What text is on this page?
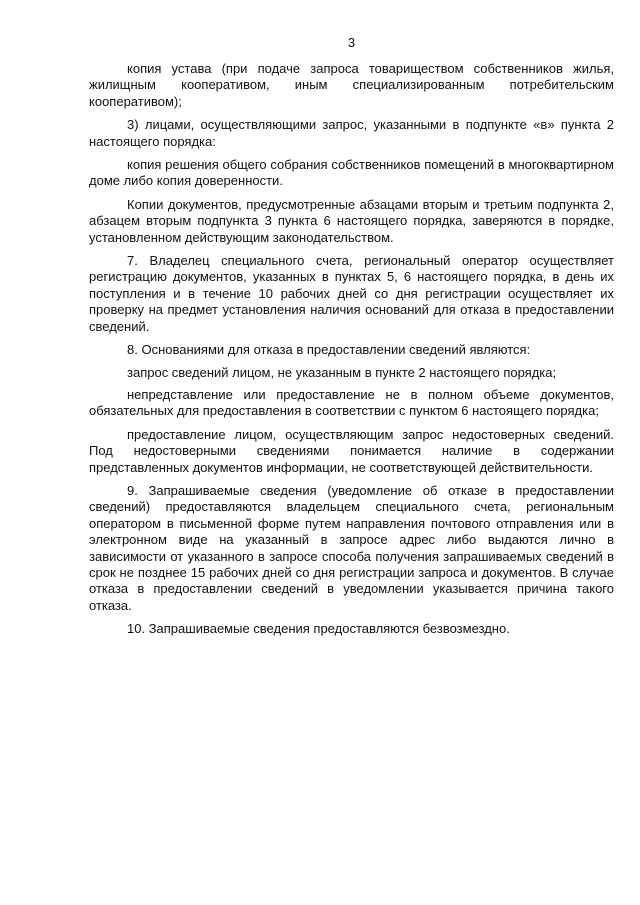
3

копия устава (при подаче запроса товариществом собственников жилья, жилищным кооперативом, иным специализированным потребительским кооперативом);

3) лицами, осуществляющими запрос, указанными в подпункте «в» пункта 2 настоящего порядка:

копия решения общего собрания собственников помещений в многоквартирном доме либо копия доверенности.

Копии документов, предусмотренные абзацами вторым и третьим подпункта 2, абзацем вторым подпункта 3 пункта 6 настоящего порядка, заверяются в порядке, установленном действующим законодательством.

7. Владелец специального счета, региональный оператор осуществляет регистрацию документов, указанных в пунктах 5, 6 настоящего порядка, в день их поступления и в течение 10 рабочих дней со дня регистрации осуществляет их проверку на предмет установления наличия оснований для отказа в предоставлении сведений.

8. Основаниями для отказа в предоставлении сведений являются:

запрос сведений лицом, не указанным в пункте 2 настоящего порядка;

непредставление или предоставление не в полном объеме документов, обязательных для предоставления в соответствии с пунктом 6 настоящего порядка;

предоставление лицом, осуществляющим запрос недостоверных сведений. Под недостоверными сведениями понимается наличие в содержании представленных документов информации, не соответствующей действительности.

9. Запрашиваемые сведения (уведомление об отказе в предоставлении сведений) предоставляются владельцем специального счета, региональным оператором в письменной форме путем направления почтового отправления или в электронном виде на указанный в запросе адрес либо выдаются лично в зависимости от указанного в запросе способа получения запрашиваемых сведений в срок не позднее 15 рабочих дней со дня регистрации запроса и документов. В случае отказа в предоставлении сведений в уведомлении указывается причина такого отказа.

10. Запрашиваемые сведения предоставляются безвозмездно.
